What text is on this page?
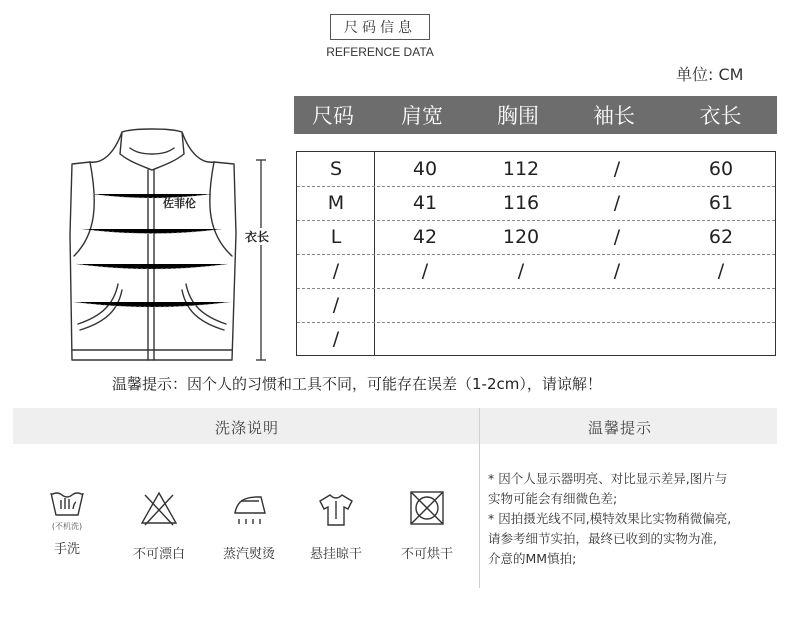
尺码信息
REFERENCE DATA
单位: CM
佐菲伦
衣长
尺码	肩宽	胸围	袖长	衣长
S	40	112	/	60
M	41	116	/	61
L	42	120	/	62
/	/	/	/	/
/
/
温馨提示：因个人的习惯和工具不同，可能存在误差（1-2cm），请谅解！
洗涤说明	温馨提示
(不机洗)
手洗	不可漂白	蒸汽熨烫	悬挂晾干	不可烘干
* 因个人显示器明亮、对比显示差异,图片与
实物可能会有细微色差;
* 因拍摄光线不同,模特效果比实物稍微偏亮,
请参考细节实拍，最终已收到的实物为准,
介意的MM慎拍;
